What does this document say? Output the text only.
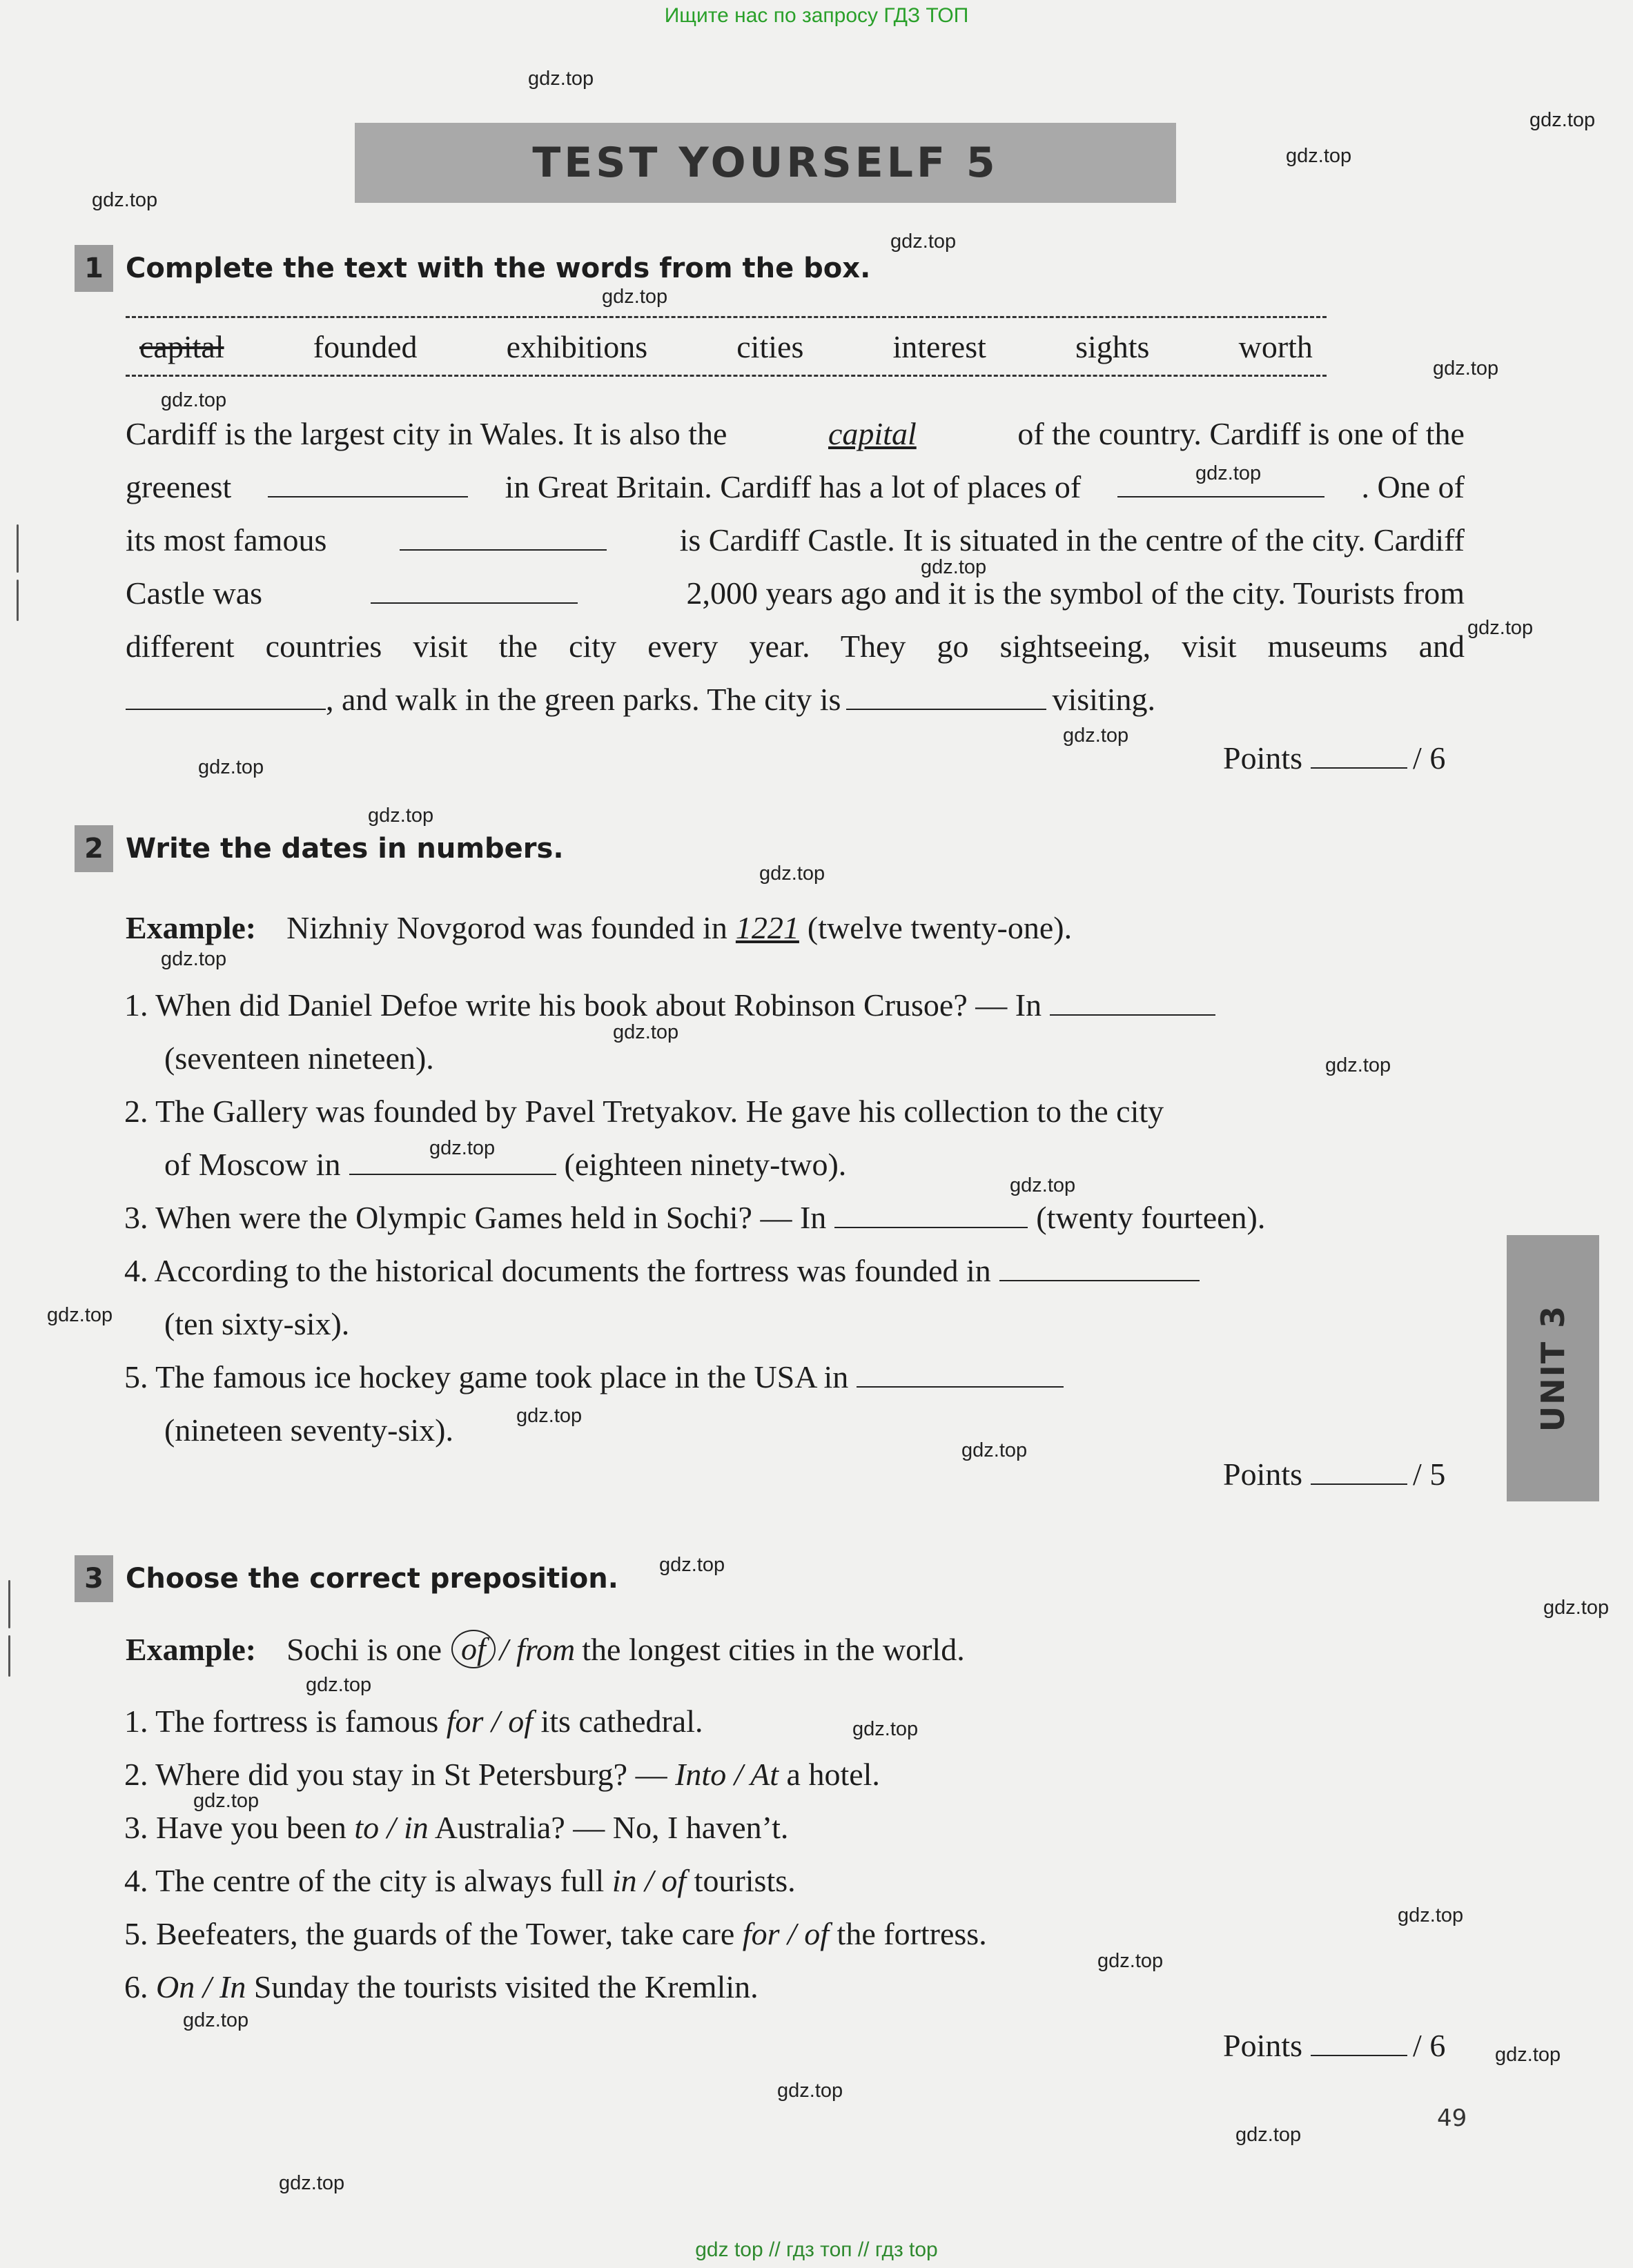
Ищите нас по запросу ГДЗ ТОП
TEST YOURSELF 5
1 Complete the text with the words from the box.
capital	founded	exhibitions	cities	interest	sights	worth
Cardiff is the largest city in Wales. It is also the	capital	of the country. Cardiff is one of the
greenest	in Great Britain. Cardiff has a lot of places of	. One of
its most famous	is Cardiff Castle. It is situated in the centre of the city. Cardiff
Castle was	2,000 years ago and it is the symbol of the city. Tourists from
different countries visit the city every year. They go sightseeing, visit museums and
, and walk in the green parks. The city is	visiting.
Points	/ 6
2 Write the dates in numbers.
Example: Nizhniy Novgorod was founded in 1221 (twelve twenty-one).
1. When did Daniel Defoe write his book about Robinson Crusoe? — In
(seventeen nineteen).
2. The Gallery was founded by Pavel Tretyakov. He gave his collection to the city
of Moscow in	(eighteen ninety-two).
3. When were the Olympic Games held in Sochi? — In	(twenty fourteen).
4. According to the historical documents the fortress was founded in
(ten sixty-six).
5. The famous ice hockey game took place in the USA in
(nineteen seventy-six).
Points	/ 5
3 Choose the correct preposition.
Example: Sochi is one of / from the longest cities in the world.
1. The fortress is famous for / of its cathedral.
2. Where did you stay in St Petersburg? — Into / At a hotel.
3. Have you been to / in Australia? — No, I haven’t.
4. The centre of the city is always full in / of tourists.
5. Beefeaters, the guards of the Tower, take care for / of the fortress.
6. On / In Sunday the tourists visited the Kremlin.
Points	/ 6
UNIT 3
49
gdz.top
gdz.top
gdz.top
gdz.top
gdz.top
gdz.top
gdz.top
gdz.top
gdz.top
gdz.top
gdz.top
gdz.top
gdz.top
gdz.top
gdz.top
gdz.top
gdz.top
gdz.top
gdz.top
gdz.top
gdz.top
gdz.top
gdz.top
gdz.top
gdz.top
gdz.top
gdz.top
gdz.top
gdz.top
gdz.top
gdz.top
gdz.top
gdz.top
gdz.top
gdz.top
gdz top // гдз топ // гдз top
